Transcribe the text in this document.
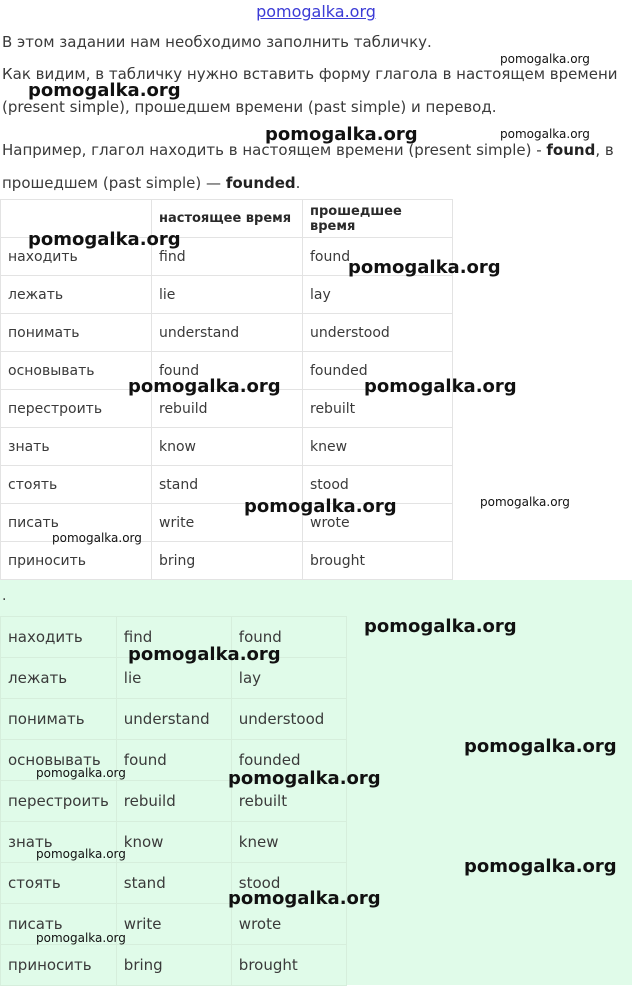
pomogalka.org
В этом задании нам необходимо заполнить табличку.
Как видим, в табличку нужно вставить форму глагола в настоящем времени
(present simple), прошедшем времени (past simple) и перевод.
Например, глагол находить в настоящем времени (present simple) - found, в
прошедшем (past simple) — founded.
	настоящее время	прошедшее время
находить	find	found
лежать	lie	lay
понимать	understand	understood
основывать	found	founded
перестроить	rebuild	rebuilt
знать	know	knew
стоять	stand	stood
писать	write	wrote
приносить	bring	brought
.
находить	find	found
лежать	lie	lay
понимать	understand	understood
основывать	found	founded
перестроить	rebuild	rebuilt
знать	know	knew
стоять	stand	stood
писать	write	wrote
приносить	bring	brought
pomogalka.org
pomogalka.org
pomogalka.org	pomogalka.org
pomogalka.org
pomogalka.org
pomogalka.org	pomogalka.org
pomogalka.org	pomogalka.org
pomogalka.org
pomogalka.org
pomogalka.org
pomogalka.org
pomogalka.org	pomogalka.org
pomogalka.org
pomogalka.org
pomogalka.org
pomogalka.org
